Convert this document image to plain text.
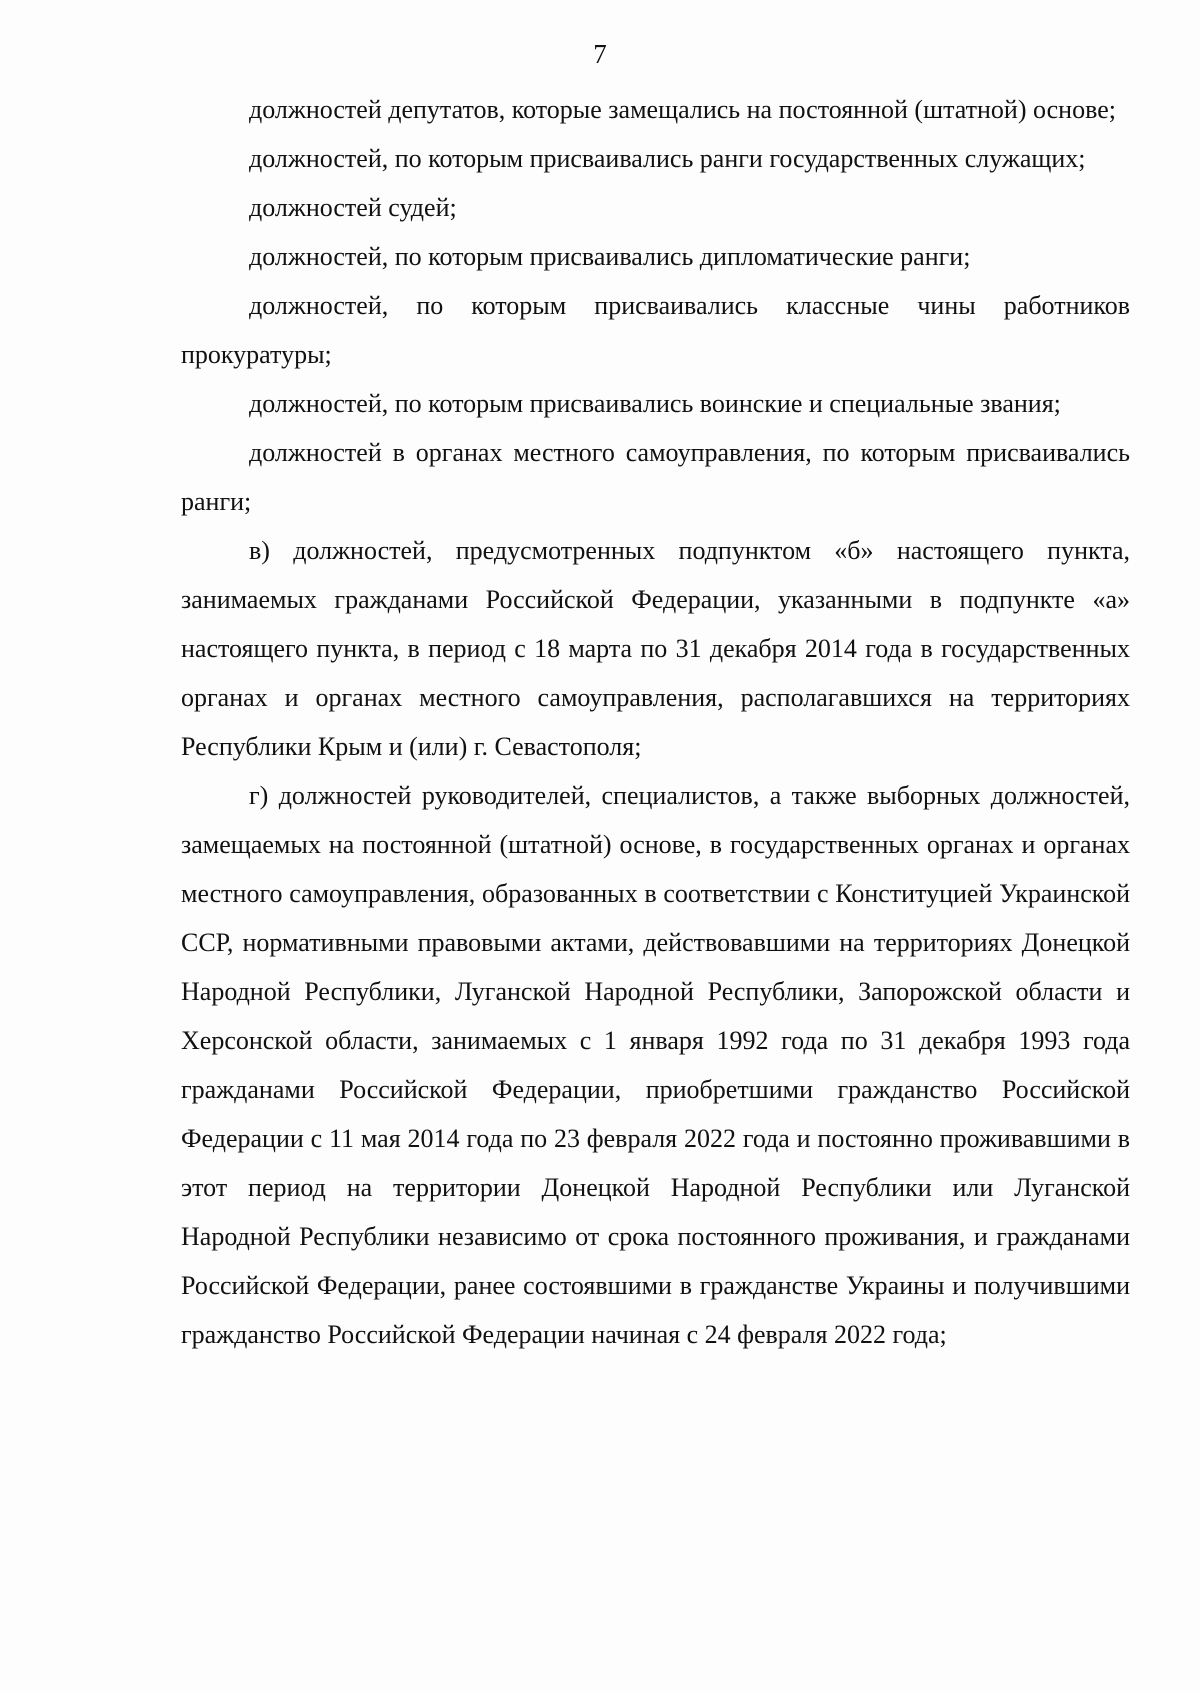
7

должностей депутатов, которые замещались на постоянной (штатной) основе;

должностей, по которым присваивались ранги государственных служащих;

должностей судей;

должностей, по которым присваивались дипломатические ранги;

должностей, по которым присваивались классные чины работников прокуратуры;

должностей, по которым присваивались воинские и специальные звания;

должностей в органах местного самоуправления, по которым присваивались ранги;

в) должностей, предусмотренных подпунктом «б» настоящего пункта, занимаемых гражданами Российской Федерации, указанными в подпункте «а» настоящего пункта, в период с 18 марта по 31 декабря 2014 года в государственных органах и органах местного самоуправления, располагавшихся на территориях Республики Крым и (или) г. Севастополя;

г) должностей руководителей, специалистов, а также выборных должностей, замещаемых на постоянной (штатной) основе, в государственных органах и органах местного самоуправления, образованных в соответствии с Конституцией Украинской ССР, нормативными правовыми актами, действовавшими на территориях Донецкой Народной Республики, Луганской Народной Республики, Запорожской области и Херсонской области, занимаемых с 1 января 1992 года по 31 декабря 1993 года гражданами Российской Федерации, приобретшими гражданство Российской Федерации с 11 мая 2014 года по 23 февраля 2022 года и постоянно проживавшими в этот период на территории Донецкой Народной Республики или Луганской Народной Республики независимо от срока постоянного проживания, и гражданами Российской Федерации, ранее состоявшими в гражданстве Украины и получившими гражданство Российской Федерации начиная с 24 февраля 2022 года;
